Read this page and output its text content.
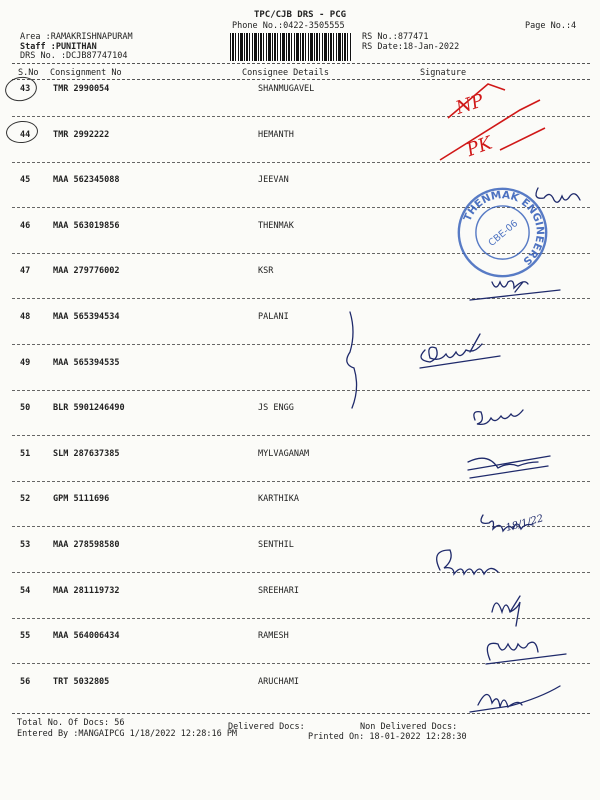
TPC/CJB DRS - PCG
Phone No.:0422-3505555
Area :RAMAKRISHNAPURAM
Staff :PUNITHAN
DRS No. :DCJB87747104
RS No.:877471
RS Date:18-Jan-2022
Page No.:4
S.No Consignment No	Consignee Details	Signature
43	TMR 2990054	SHANMUGAVEL
44	TMR 2992222	HEMANTH
45	MAA 562345088	JEEVAN
46	MAA 563019856	THENMAK
47	MAA 279776002	KSR
48	MAA 565394534	PALANI
49	MAA 565394535
50	BLR 5901246490	JS ENGG
51	SLM 287637385	MYLVAGANAM
52	GPM 5111696	KARTHIKA
53	MAA 278598580	SENTHIL
54	MAA 281119732	SREEHARI
55	MAA 564006434	RAMESH
56	TRT 5032805	ARUCHAMI
NP
PK
18/1/22
THENMAK ENGINEERS
CBE-06
Total No. Of Docs: 56	Delivered Docs:	Non Delivered Docs:
Entered By :MANGAIPCG 1/18/2022 12:28:16 PM	Printed On: 18-01-2022 12:28:30
